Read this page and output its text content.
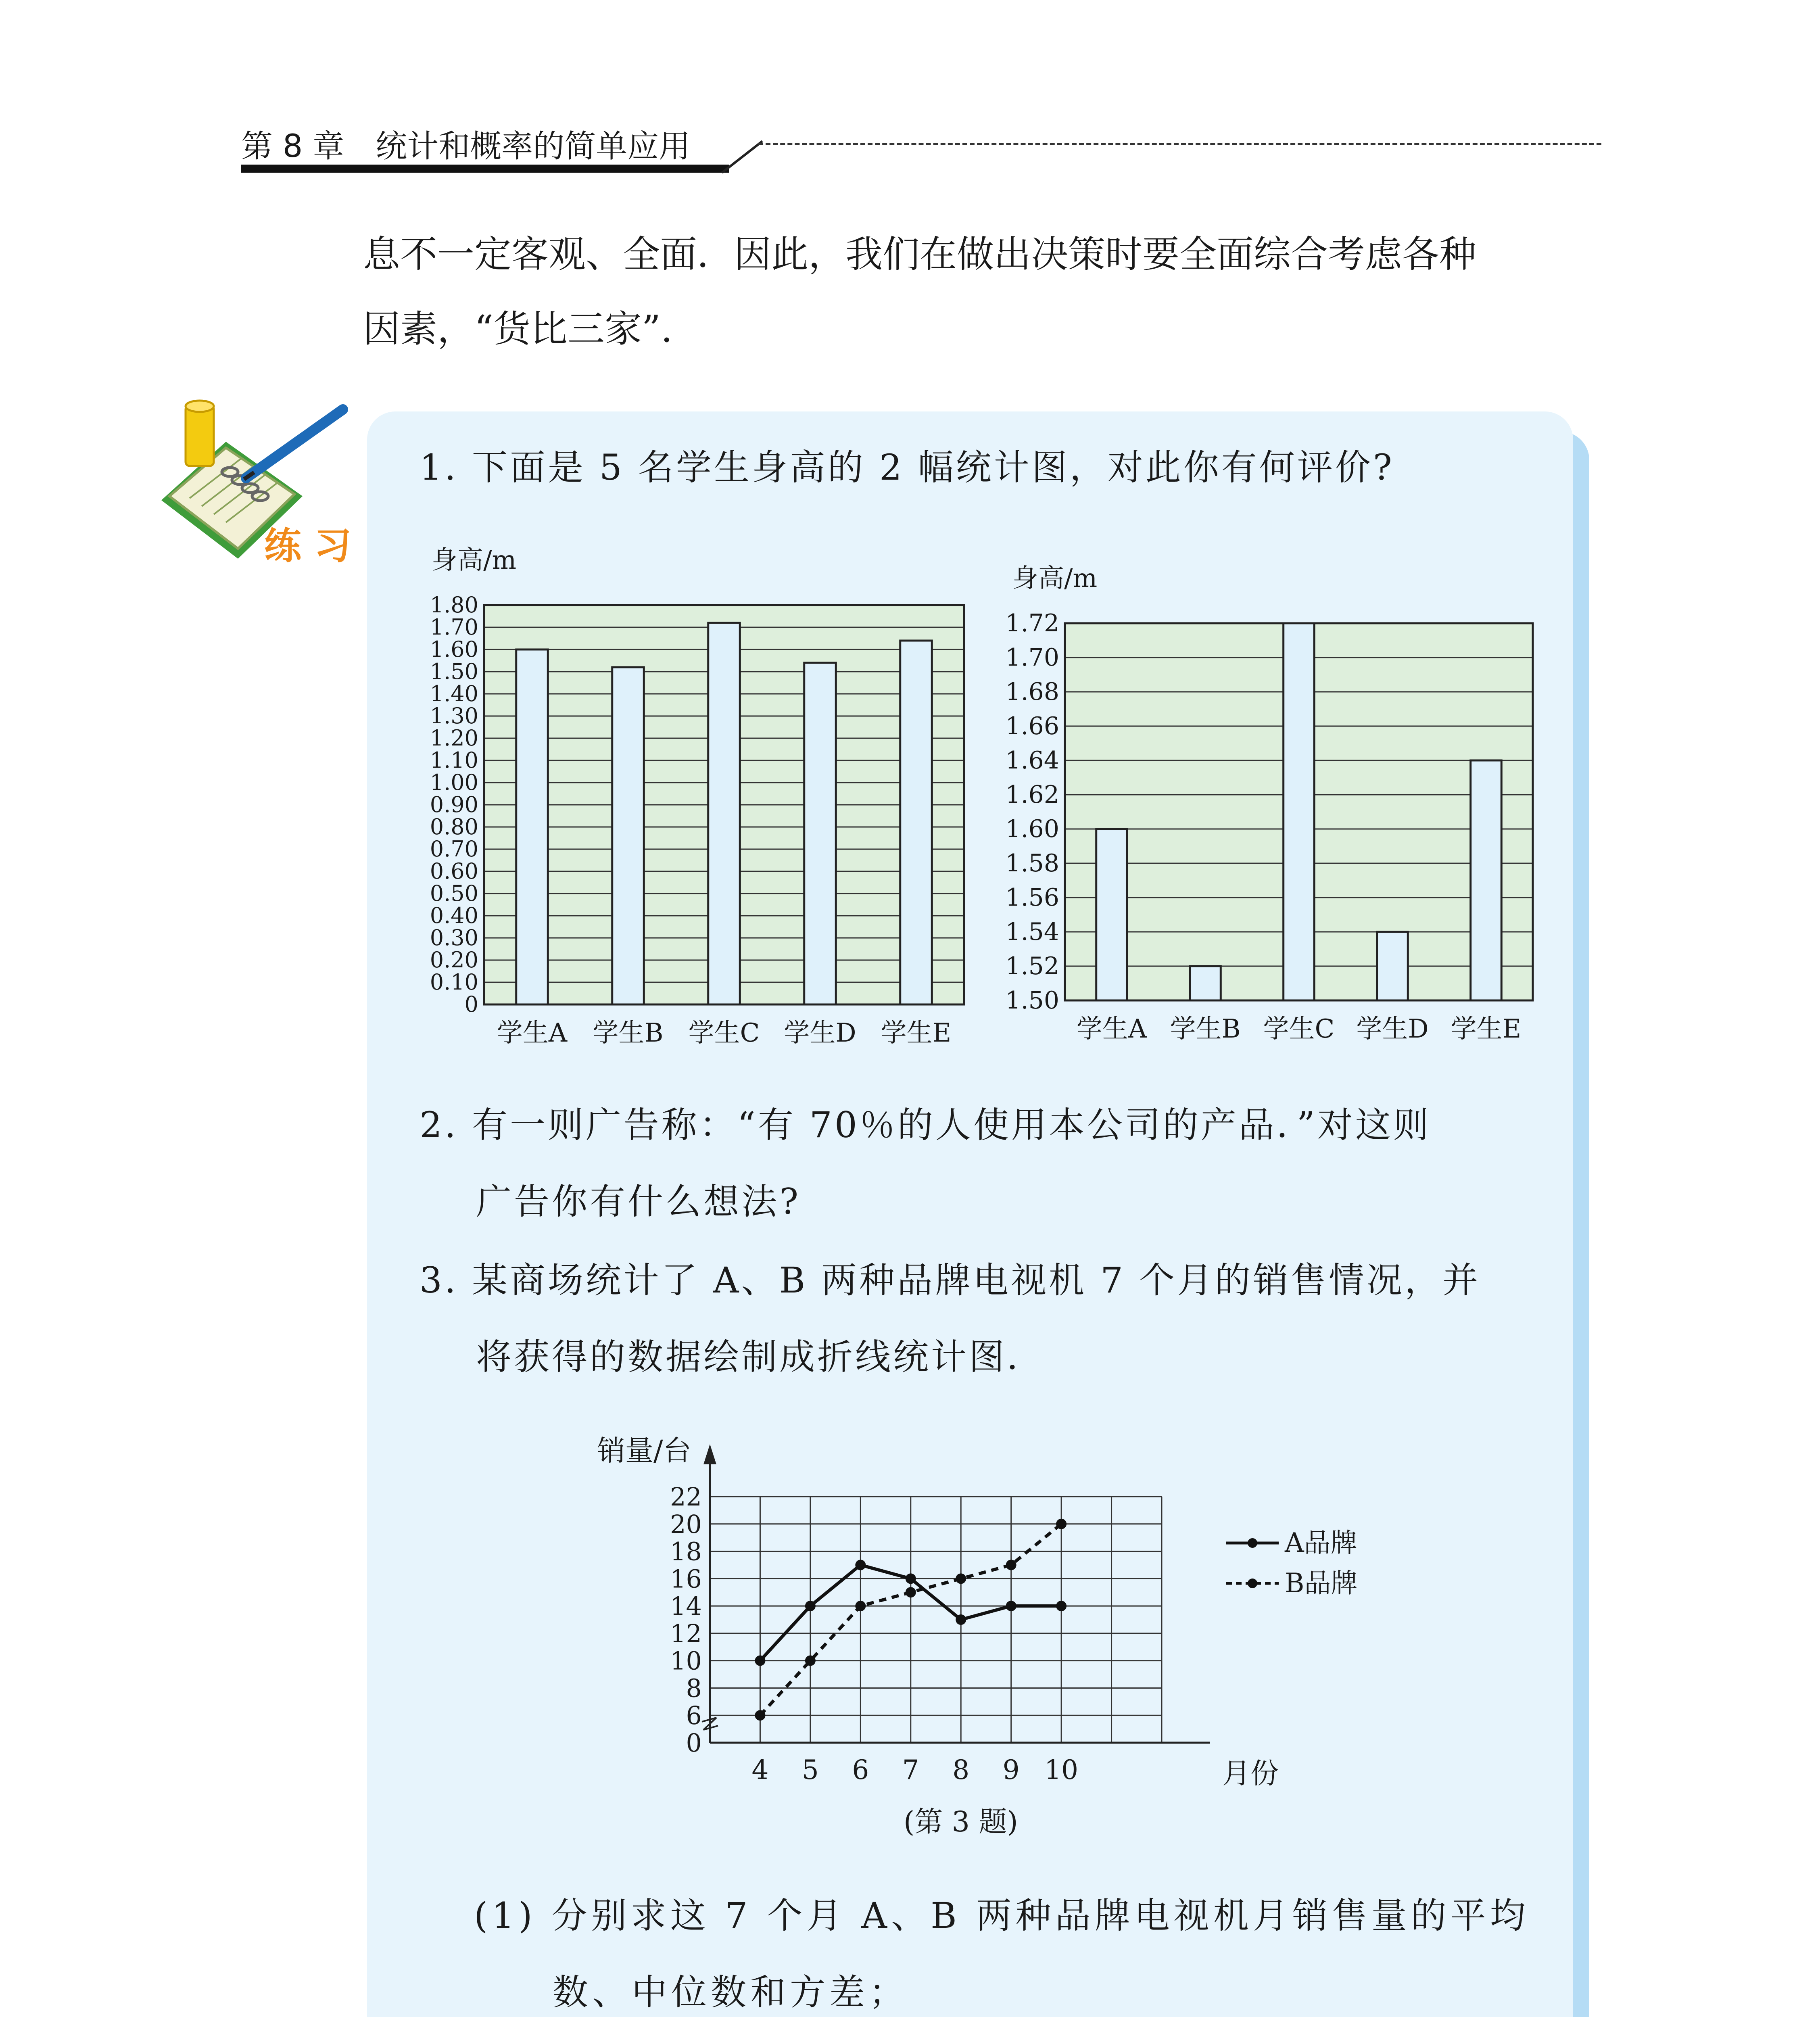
第 8 章　统计和概率的简单应用
息不一定客观、全面．因此，我们在做出决策时要全面综合考虑各种
因素，“货比三家”.
练 习
1. 下面是 5 名学生身高的 2 幅统计图，对此你有何评价?
0
0.10
0.20
0.30
0.40
0.50
0.60
0.70
0.80
0.90
1.00
1.10
1.20
1.30
1.40
1.50
1.60
1.70
1.80
身高/m
学生A 学生B 学生C 学生D 学生E
1.50
1.52
1.54
1.56
1.58
1.60
1.62
1.64
1.66
1.68
1.70
1.72
身高/m
学生A 学生B 学生C 学生D 学生E
2. 有一则广告称：“有 70％的人使用本公司的产品．”对这则
广告你有什么想法?
3. 某商场统计了 A、B 两种品牌电视机 7 个月的销售情况，并
将获得的数据绘制成折线统计图．
0
6
8
10
12
14
16
18
20
22
4 5 6 7 8 9 10
销量/台
月份
A品牌
B品牌
(第 3 题)
(1) 分别求这 7 个月 A、B 两种品牌电视机月销售量的平均
数、中位数和方差；
